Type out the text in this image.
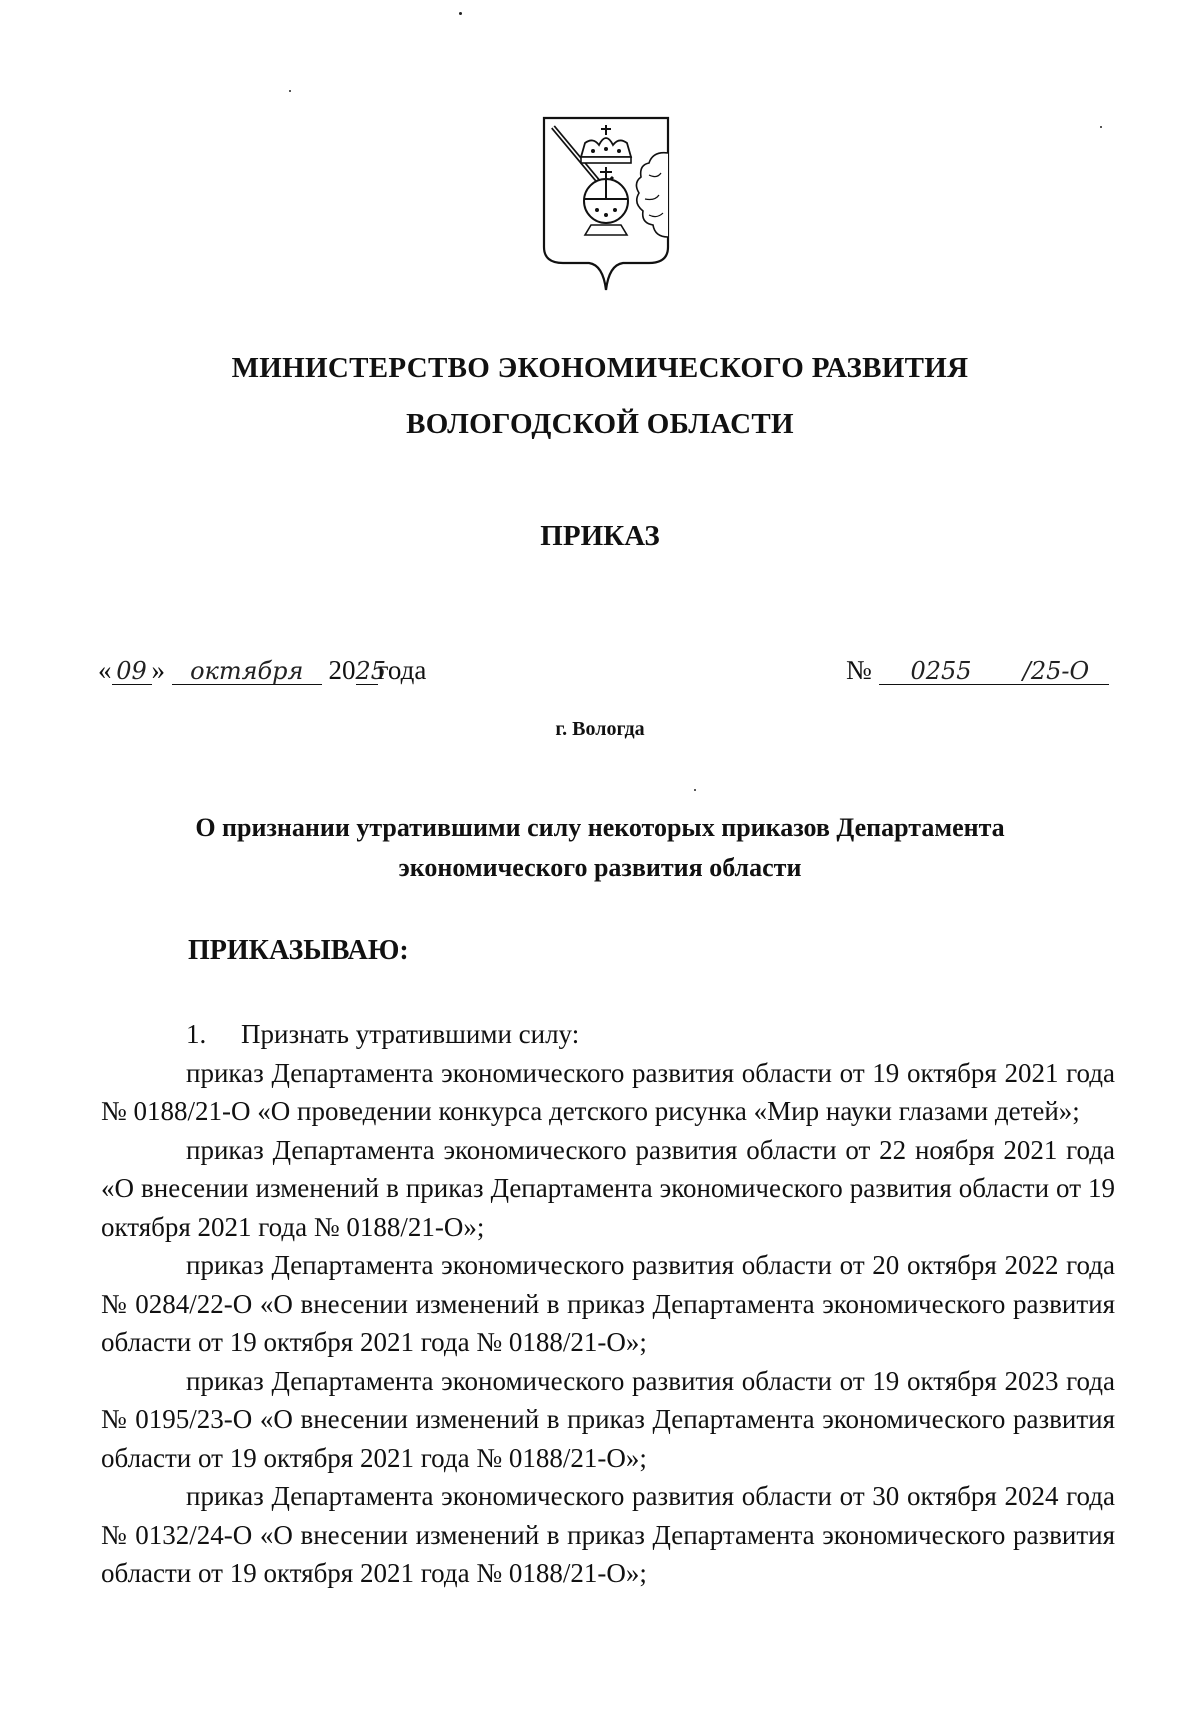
МИНИСТЕРСТВО ЭКОНОМИЧЕСКОГО РАЗВИТИЯ
ВОЛОГОДСКОЙ ОБЛАСТИ
ПРИКАЗ
« 09 » октября 2025года	№ 0255 /25-О
г. Вологда
О признании утратившими силу некоторых приказов Департамента
экономического развития области
ПРИКАЗЫВАЮ:
1. Признать утратившими силу:

приказ Департамента экономического развития области от 19 октября 2021 года № 0188/21-О «О проведении конкурса детского рисунка «Мир науки глазами детей»;

приказ Департамента экономического развития области от 22 ноября 2021 года «О внесении изменений в приказ Департамента экономического развития области от 19 октября 2021 года № 0188/21-О»;

приказ Департамента экономического развития области от 20 октября 2022 года № 0284/22-О «О внесении изменений в приказ Департамента экономического развития области от 19 октября 2021 года № 0188/21-О»;

приказ Департамента экономического развития области от 19 октября 2023 года № 0195/23-О «О внесении изменений в приказ Департамента экономического развития области от 19 октября 2021 года № 0188/21-О»;

приказ Департамента экономического развития области от 30 октября 2024 года № 0132/24-О «О внесении изменений в приказ Департамента экономического развития области от 19 октября 2021 года № 0188/21-О»;
